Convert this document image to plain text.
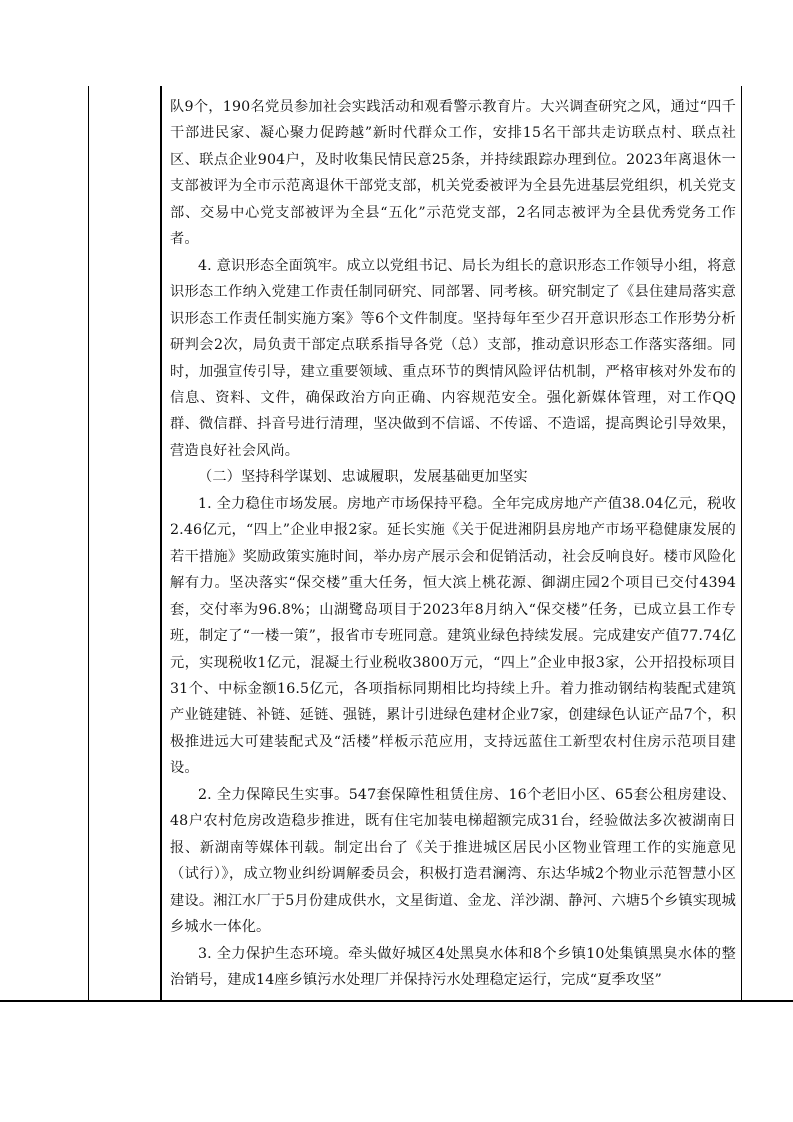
队9个，190名党员参加社会实践活动和观看警示教育片。大兴调查研究之风，通过“四千干部进民家、凝心聚力促跨越”新时代群众工作，安排15名干部共走访联点村、联点社区、联点企业904户，及时收集民情民意25条，并持续跟踪办理到位。2023年离退休一支部被评为全市示范离退休干部党支部，机关党委被评为全县先进基层党组织，机关党支部、交易中心党支部被评为全县“五化”示范党支部，2名同志被评为全县优秀党务工作者。

4. 意识形态全面筑牢。成立以党组书记、局长为组长的意识形态工作领导小组，将意识形态工作纳入党建工作责任制同研究、同部署、同考核。研究制定了《县住建局落实意识形态工作责任制实施方案》等6个文件制度。坚持每年至少召开意识形态工作形势分析研判会2次，局负责干部定点联系指导各党（总）支部，推动意识形态工作落实落细。同时，加强宣传引导，建立重要领域、重点环节的舆情风险评估机制，严格审核对外发布的信息、资料、文件，确保政治方向正确、内容规范安全。强化新媒体管理，对工作QQ群、微信群、抖音号进行清理，坚决做到不信谣、不传谣、不造谣，提高舆论引导效果，营造良好社会风尚。

（二）坚持科学谋划、忠诚履职，发展基础更加坚实

1. 全力稳住市场发展。房地产市场保持平稳。全年完成房地产产值38.04亿元，税收2.46亿元，“四上”企业申报2家。延长实施《关于促进湘阴县房地产市场平稳健康发展的若干措施》奖励政策实施时间，举办房产展示会和促销活动，社会反响良好。楼市风险化解有力。坚决落实“保交楼”重大任务，恒大滨上桃花源、御湖庄园2个项目已交付4394套，交付率为96.8%；山湖鹭岛项目于2023年8月纳入“保交楼”任务，已成立县工作专班，制定了“一楼一策”，报省市专班同意。建筑业绿色持续发展。完成建安产值77.74亿元，实现税收1亿元，混凝土行业税收3800万元，“四上”企业申报3家，公开招投标项目31个、中标金额16.5亿元，各项指标同期相比均持续上升。着力推动钢结构装配式建筑产业链建链、补链、延链、强链，累计引进绿色建材企业7家，创建绿色认证产品7个，积极推进远大可建装配式及“活楼”样板示范应用，支持远蓝住工新型农村住房示范项目建设。

2. 全力保障民生实事。547套保障性租赁住房、16个老旧小区、65套公租房建设、48户农村危房改造稳步推进，既有住宅加装电梯超额完成31台，经验做法多次被湖南日报、新湖南等媒体刊载。制定出台了《关于推进城区居民小区物业管理工作的实施意见（试行）》，成立物业纠纷调解委员会，积极打造君澜湾、东达华城2个物业示范智慧小区建设。湘江水厂于5月份建成供水，文星街道、金龙、洋沙湖、静河、六塘5个乡镇实现城乡城水一体化。

3. 全力保护生态环境。牵头做好城区4处黑臭水体和8个乡镇10处集镇黑臭水体的整治销号，建成14座乡镇污水处理厂并保持污水处理稳定运行，完成“夏季攻坚”
